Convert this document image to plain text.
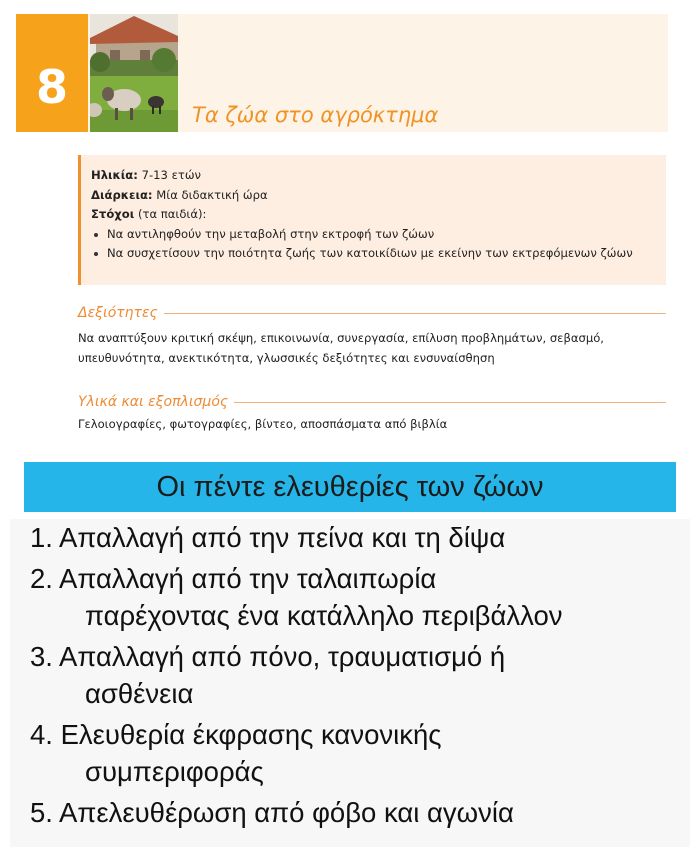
8
Τα ζώα στο αγρόκτημα
Ηλικία: 7-13 ετών
Διάρκεια: Μία διδακτική ώρα
Στόχοι (τα παιδιά):
Να αντιληφθούν την μεταβολή στην εκτροφή των ζώων
Να συσχετίσουν την ποιότητα ζωής των κατοικίδιων με εκείνην των εκτρεφόμενων ζώων
Δεξιότητες
Να αναπτύξουν κριτική σκέψη, επικοινωνία, συνεργασία, επίλυση προβλημάτων, σεβασμό,
υπευθυνότητα, ανεκτικότητα, γλωσσικές δεξιότητες και ενσυναίσθηση
Υλικά και εξοπλισμός
Γελοιογραφίες, φωτογραφίες, βίντεο, αποσπάσματα από βιβλία
Οι πέντε ελευθερίες των ζώων
1. Απαλλαγή από την πείνα και τη δίψα
2. Απαλλαγή από την ταλαιπωρία
παρέχοντας ένα κατάλληλο περιβάλλον
3. Απαλλαγή από πόνο, τραυματισμό ή
ασθένεια
4. Ελευθερία έκφρασης κανονικής
συμπεριφοράς
5. Απελευθέρωση από φόβο και αγωνία
